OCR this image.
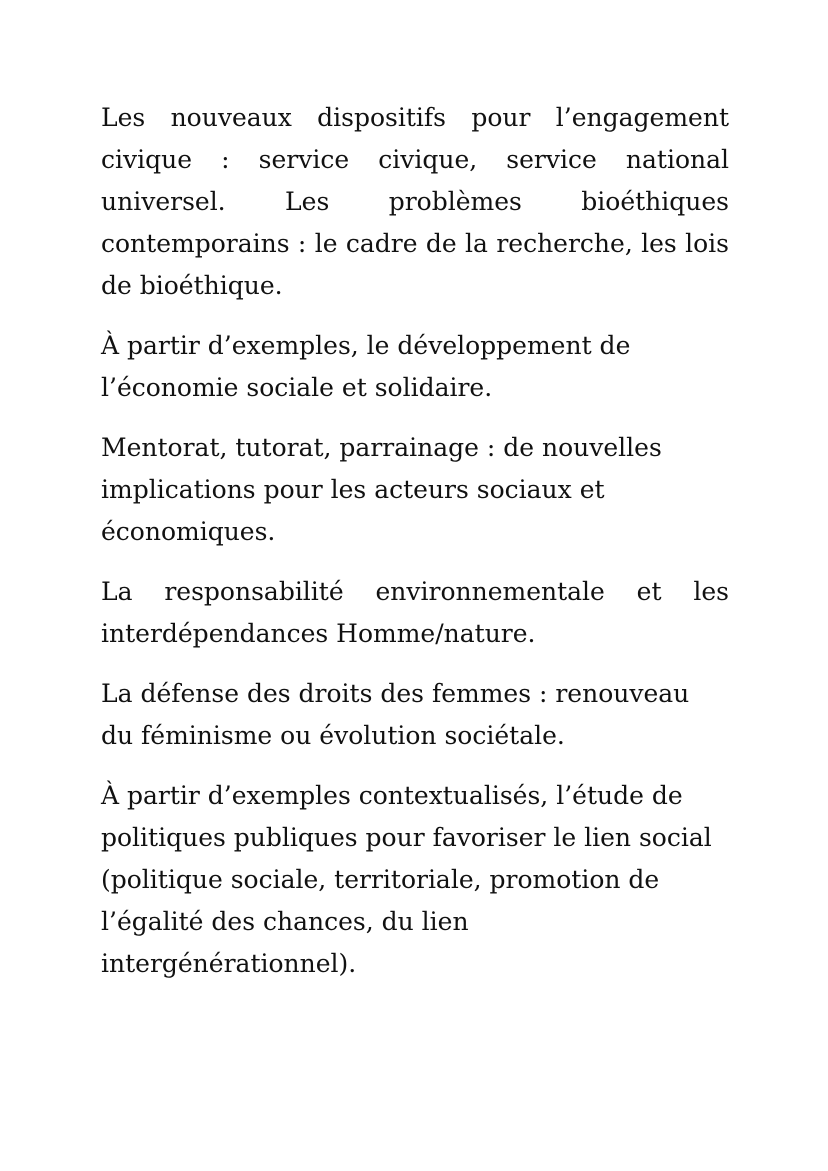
Les nouveaux dispositifs pour l’engagement civique : service civique, service national universel. Les problèmes bioéthiques contemporains : le cadre de la recherche, les lois de bioéthique.

À partir d’exemples, le développement de l’économie sociale et solidaire.

Mentorat, tutorat, parrainage : de nouvelles implications pour les acteurs sociaux et économiques.

La responsabilité environnementale et les interdépendances Homme/nature.

La défense des droits des femmes : renouveau du féminisme ou évolution sociétale.

À partir d’exemples contextualisés, l’étude de politiques publiques pour favoriser le lien social (politique sociale, territoriale, promotion de l’égalité des chances, du lien intergénérationnel).
